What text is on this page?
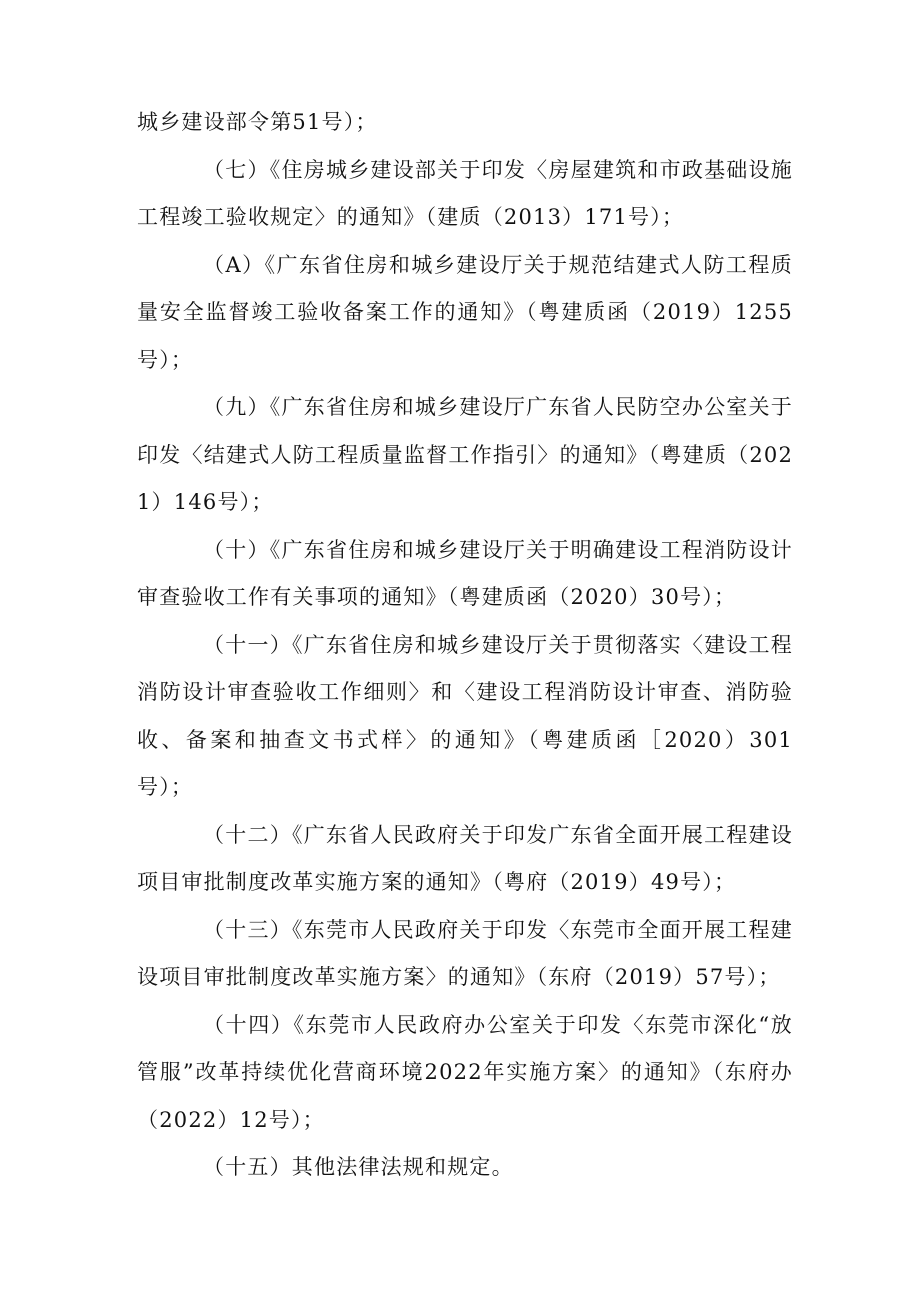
城乡建设部令第51号）；

（七）《住房城乡建设部关于印发〈房屋建筑和市政基础设施工程竣工验收规定〉的通知》（建质（2013）171号）；

（A）《广东省住房和城乡建设厅关于规范结建式人防工程质量安全监督竣工验收备案工作的通知》（粤建质函（2019）1255号）；

（九）《广东省住房和城乡建设厅广东省人民防空办公室关于印发〈结建式人防工程质量监督工作指引〉的通知》（粤建质（2021）146号）；

（十）《广东省住房和城乡建设厅关于明确建设工程消防设计审查验收工作有关事项的通知》（粤建质函（2020）30号）；

（十一）《广东省住房和城乡建设厅关于贯彻落实〈建设工程消防设计审查验收工作细则〉和〈建设工程消防设计审查、消防验收、备案和抽查文书式样〉的通知》（粤建质函［2020）301号）；

（十二）《广东省人民政府关于印发广东省全面开展工程建设项目审批制度改革实施方案的通知》（粤府（2019）49号）；

（十三）《东莞市人民政府关于印发〈东莞市全面开展工程建设项目审批制度改革实施方案〉的通知》（东府（2019）57号）；

（十四）《东莞市人民政府办公室关于印发〈东莞市深化“放管服”改革持续优化营商环境2022年实施方案〉的通知》（东府办（2022）12号）；

（十五）其他法律法规和规定。
